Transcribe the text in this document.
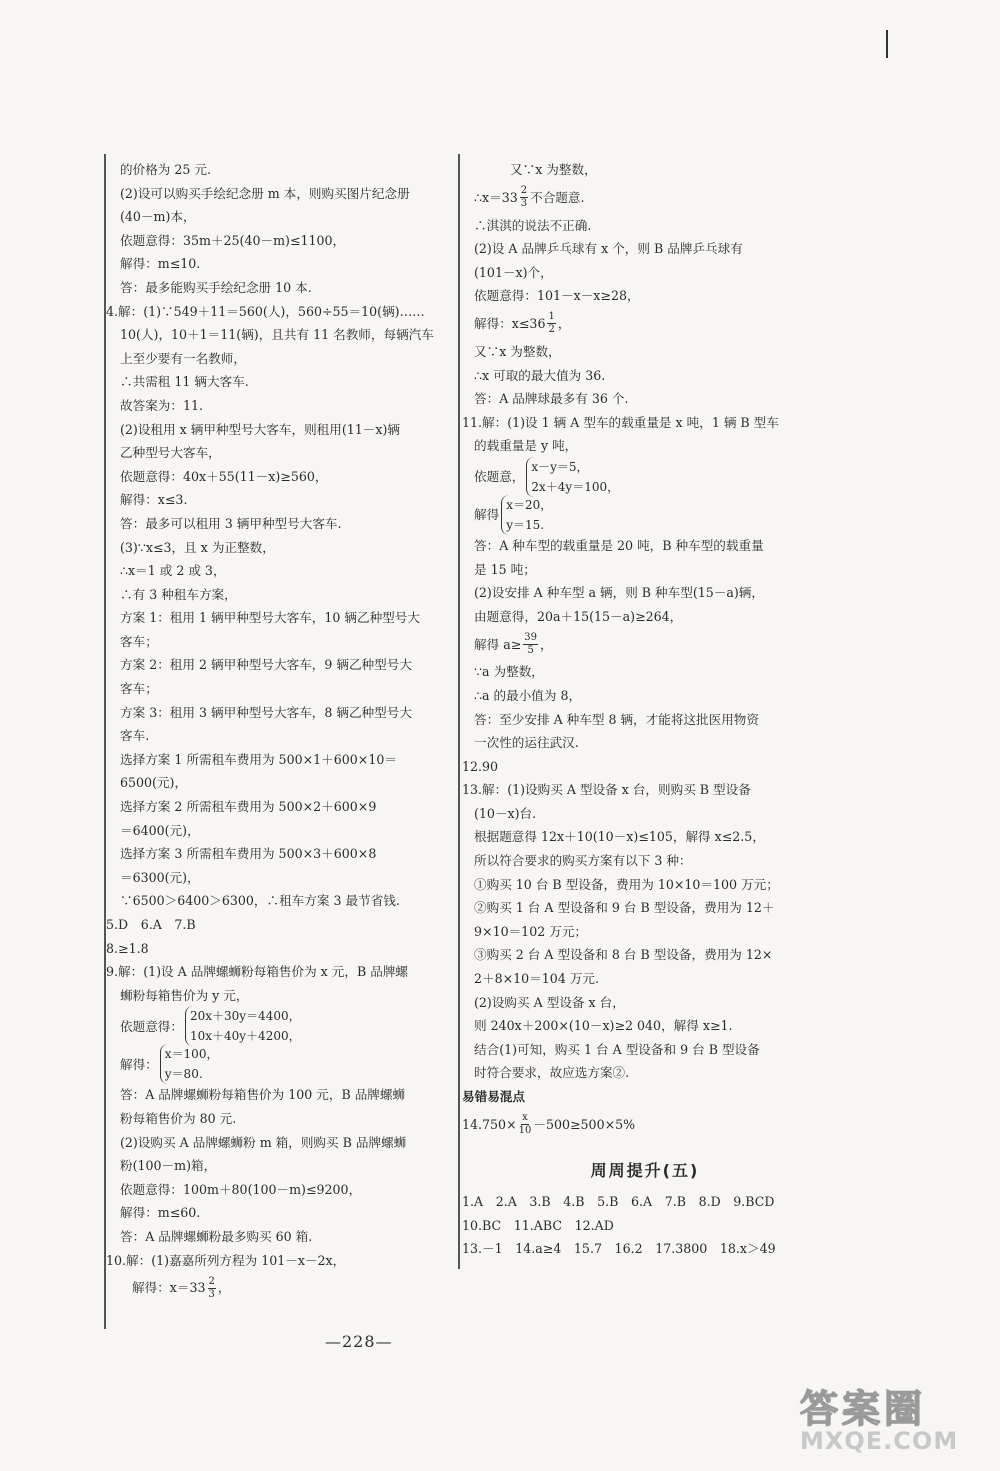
的价格为 25 元.
(2)设可以购买手绘纪念册 m 本，则购买图片纪念册
(40－m)本，
依题意得：35m＋25(40－m)≤1100，
解得：m≤10.
答：最多能购买手绘纪念册 10 本.
4.解：(1)∵549＋11＝560(人)，560÷55＝10(辆)……
10(人)，10＋1＝11(辆)，且共有 11 名教师，每辆汽车
上至少要有一名教师，
∴共需租 11 辆大客车.
故答案为：11.
(2)设租用 x 辆甲种型号大客车，则租用(11－x)辆
乙种型号大客车，
依题意得：40x＋55(11－x)≥560，
解得：x≤3.
答：最多可以租用 3 辆甲种型号大客车.
(3)∵x≤3，且 x 为正整数，
∴x＝1 或 2 或 3，
∴有 3 种租车方案，
方案 1：租用 1 辆甲种型号大客车，10 辆乙种型号大
客车；
方案 2：租用 2 辆甲种型号大客车，9 辆乙种型号大
客车；
方案 3：租用 3 辆甲种型号大客车，8 辆乙种型号大
客车.
选择方案 1 所需租车费用为 500×1＋600×10＝
6500(元)，
选择方案 2 所需租车费用为 500×2＋600×9
＝6400(元)，
选择方案 3 所需租车费用为 500×3＋600×8
＝6300(元)，
∵6500＞6400＞6300，∴租车方案 3 最节省钱.
5.D　6.A　7.B
8.≥1.8
9.解：(1)设 A 品牌螺蛳粉每箱售价为 x 元，B 品牌螺
蛳粉每箱售价为 y 元，
依题意得：
20x＋30y＝4400，
10x＋40y＋4200，
解得：
x＝100，
y＝80.
答：A 品牌螺蛳粉每箱售价为 100 元，B 品牌螺蛳
粉每箱售价为 80 元.
(2)设购买 A 品牌螺蛳粉 m 箱，则购买 B 品牌螺蛳
粉(100－m)箱，
依题意得：100m＋80(100－m)≤9200，
解得：m≤60.
答：A 品牌螺蛳粉最多购买 60 箱.
10.解：(1)嘉嘉所列方程为 101－x－2x，
解得：$x=33 \frac{2}{3}$ ，
又∵x 为整数，
∴x＝33 $\frac{2}{3}$ 不合题意.
∴淇淇的说法不正确.
(2)设 A 品牌乒乓球有 x 个，则 B 品牌乒乓球有
(101－x)个，
依题意得：101－x－x≥28，
解得：$x\le 36 \frac{1}{2}$ ，
又∵x 为整数，
∴x 可取的最大值为 36.
答：A 品牌球最多有 36 个.
11.解：(1)设 1 辆 A 型车的载重量是 x 吨，1 辆 B 型车
的载重量是 y 吨，
依题意，
x－y＝5，
2x＋4y＝100，
解得
x＝20，
y＝15.
答：A 种车型的载重量是 20 吨，B 种车型的载重量
是 15 吨；
(2)设安排 A 种车型 a 辆，则 B 种车型(15－a)辆，
由题意得，20a＋15(15－a)≥264，
解得 $a\ge \frac{39}{5}$ ，
∵a 为整数，
∴a 的最小值为 8，
答：至少安排 A 种车型 8 辆，才能将这批医用物资
一次性的运往武汉.
12.90
13.解：(1)设购买 A 型设备 x 台，则购买 B 型设备
(10－x)台.
根据题意得 12x＋10(10－x)≤105，解得 x≤2.5，
所以符合要求的购买方案有以下 3 种：
①购买 10 台 B 型设备，费用为 10×10＝100 万元；
②购买 1 台 A 型设备和 9 台 B 型设备，费用为 12＋
9×10＝102 万元；
③购买 2 台 A 型设备和 8 台 B 型设备，费用为 12×
2＋8×10＝104 万元.
(2)设购买 A 型设备 x 台，
则 240x＋200×(10－x)≥2 040，解得 x≥1.
结合(1)可知，购买 1 台 A 型设备和 9 台 B 型设备
时符合要求，故应选方案②.
易错易混点
$14.750\times \frac{x}{10} -500\ge 500\times 5\%$
周周提升(五)
1.A　2.A　3.B　4.B　5.B　6.A　7.B　8.D　9.BCD
10.BC　11.ABC　12.AD
13.－1　14.a≥4　15.7　16.2　17.3800　18.x＞49
—228—
答案圈
MXQE.COM
